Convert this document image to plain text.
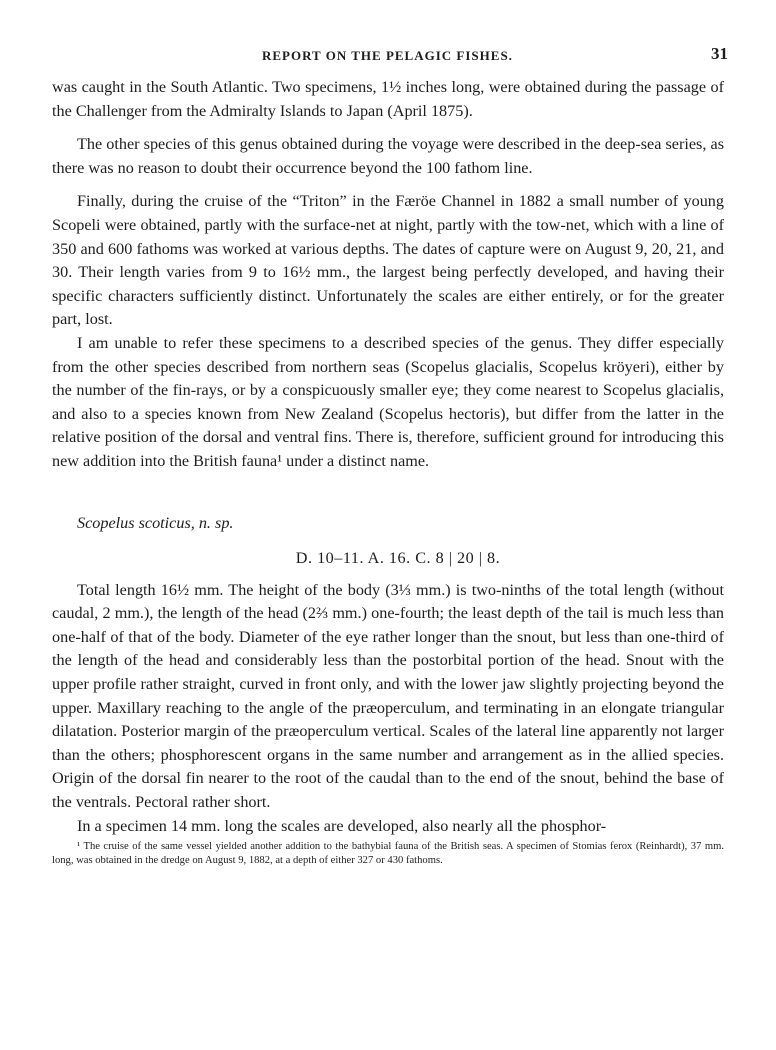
REPORT ON THE PELAGIC FISHES.	31

was caught in the South Atlantic. Two specimens, 1½ inches long, were obtained during the passage of the Challenger from the Admiralty Islands to Japan (April 1875).

The other species of this genus obtained during the voyage were described in the deep-sea series, as there was no reason to doubt their occurrence beyond the 100 fathom line.

Finally, during the cruise of the “Triton” in the Færöe Channel in 1882 a small number of young Scopeli were obtained, partly with the surface-net at night, partly with the tow-net, which with a line of 350 and 600 fathoms was worked at various depths. The dates of capture were on August 9, 20, 21, and 30. Their length varies from 9 to 16½ mm., the largest being perfectly developed, and having their specific characters sufficiently distinct. Unfortunately the scales are either entirely, or for the greater part, lost.

I am unable to refer these specimens to a described species of the genus. They differ especially from the other species described from northern seas (Scopelus glacialis, Scopelus kröyeri), either by the number of the fin-rays, or by a conspicuously smaller eye; they come nearest to Scopelus glacialis, and also to a species known from New Zealand (Scopelus hectoris), but differ from the latter in the relative position of the dorsal and ventral fins. There is, therefore, sufficient ground for introducing this new addition into the British fauna¹ under a distinct name.

Scopelus scoticus, n. sp.

D. 10–11. A. 16. C. 8 | 20 | 8.

Total length 16½ mm. The height of the body (3⅓ mm.) is two-ninths of the total length (without caudal, 2 mm.), the length of the head (2⅔ mm.) one-fourth; the least depth of the tail is much less than one-half of that of the body. Diameter of the eye rather longer than the snout, but less than one-third of the length of the head and considerably less than the postorbital portion of the head. Snout with the upper profile rather straight, curved in front only, and with the lower jaw slightly projecting beyond the upper. Maxillary reaching to the angle of the præoperculum, and terminating in an elongate triangular dilatation. Posterior margin of the præoperculum vertical. Scales of the lateral line apparently not larger than the others; phosphorescent organs in the same number and arrangement as in the allied species. Origin of the dorsal fin nearer to the root of the caudal than to the end of the snout, behind the base of the ventrals. Pectoral rather short.

In a specimen 14 mm. long the scales are developed, also nearly all the phosphor-

¹ The cruise of the same vessel yielded another addition to the bathybial fauna of the British seas. A specimen of Stomias ferox (Reinhardt), 37 mm. long, was obtained in the dredge on August 9, 1882, at a depth of either 327 or 430 fathoms.
